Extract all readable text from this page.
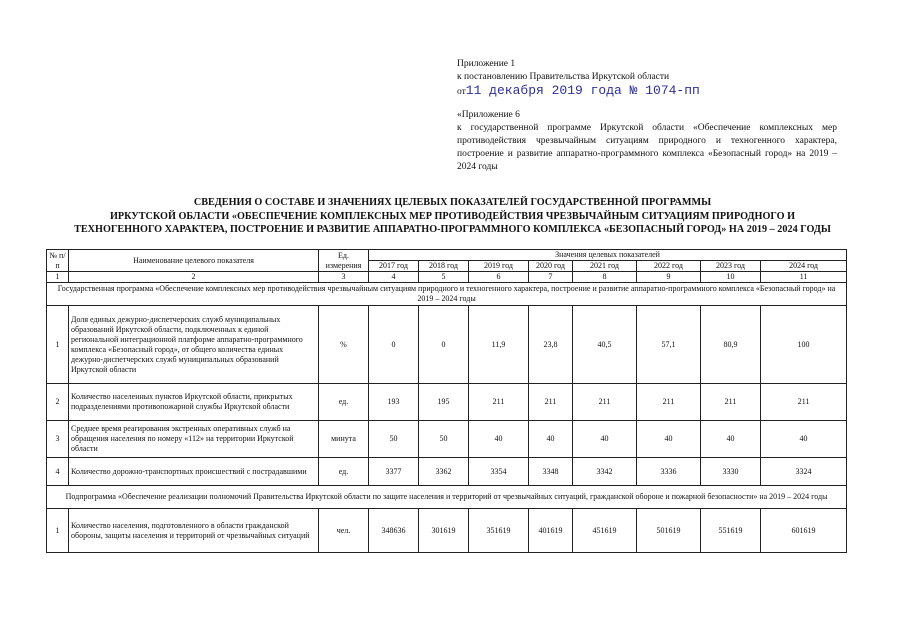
Приложение 1
к постановлению Правительства Иркутской области
от11 декабря 2019 года № 1074-пп
«Приложение 6
к государственной программе Иркутской области «Обеспечение комплексных мер противодействия чрезвычайным ситуациям природного и техногенного характера, построение и развитие аппаратно-программного комплекса «Безопасный город» на 2019 – 2024 годы
СВЕДЕНИЯ О СОСТАВЕ И ЗНАЧЕНИЯХ ЦЕЛЕВЫХ ПОКАЗАТЕЛЕЙ ГОСУДАРСТВЕННОЙ ПРОГРАММЫ
ИРКУТСКОЙ ОБЛАСТИ «ОБЕСПЕЧЕНИЕ КОМПЛЕКСНЫХ МЕР ПРОТИВОДЕЙСТВИЯ ЧРЕЗВЫЧАЙНЫМ СИТУАЦИЯМ ПРИРОДНОГО И
ТЕХНОГЕННОГО ХАРАКТЕРА, ПОСТРОЕНИЕ И РАЗВИТИЕ АППАРАТНО-ПРОГРАММНОГО КОМПЛЕКСА «БЕЗОПАСНЫЙ ГОРОД» НА 2019 – 2024 ГОДЫ
№ п/п	Наименование целевого показателя	Ед. измерения	Значения целевых показателей							
			2017 год	2018 год	2019 год	2020 год	2021 год	2022 год	2023 год	2024 год
1	2	3	4	5	6	7	8	9	10	11
Государственная программа «Обеспечение комплексных мер противодействия чрезвычайным ситуациям природного и техногенного характера, построение и развитие аппаратно-программного комплекса «Безопасный город» на 2019 – 2024 годы										
1	Доля единых дежурно-диспетчерских служб муниципальных образований Иркутской области, подключенных к единой региональной интеграционной платформе аппаратно-программного комплекса «Безопасный город», от общего количества единых дежурно-диспетчерских служб муниципальных образований Иркутской области	%	0	0	11,9	23,8	40,5	57,1	80,9	100
2	Количество населенных пунктов Иркутской области, прикрытых подразделениями противопожарной службы Иркутской области	ед.	193	195	211	211	211	211	211	211
3	Среднее время реагирования экстренных оперативных служб на обращения населения по номеру «112» на территории Иркутской области	минута	50	50	40	40	40	40	40	40
4	Количество дорожно-транспортных происшествий с пострадавшими	ед.	3377	3362	3354	3348	3342	3336	3330	3324
Подпрограмма «Обеспечение реализации полномочий Правительства Иркутской области по защите населения и территорий от чрезвычайных ситуаций, гражданской обороне и пожарной безопасности» на 2019 – 2024 годы										
1	Количество населения, подготовленного в области гражданской обороны, защиты населения и территорий от чрезвычайных ситуаций	чел.	348636	301619	351619	401619	451619	501619	551619	601619
